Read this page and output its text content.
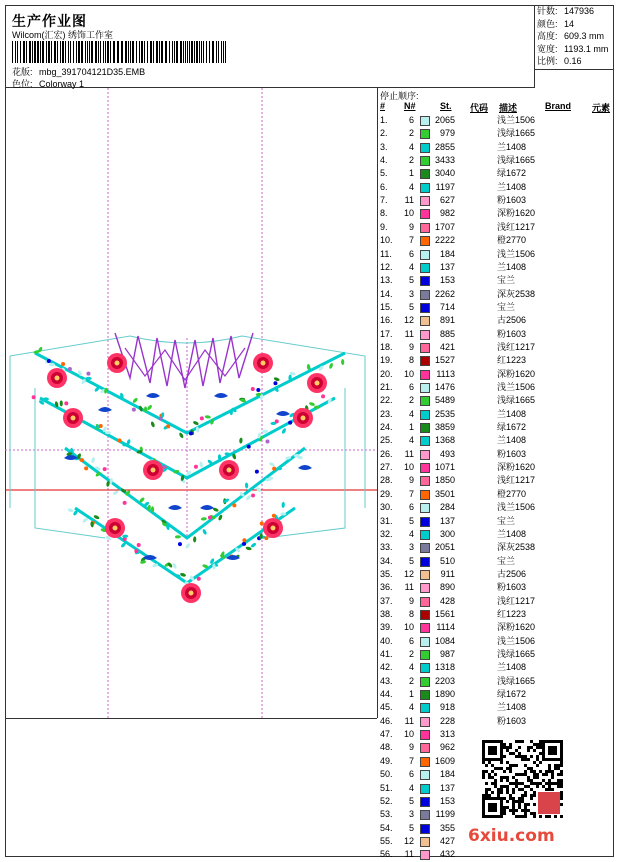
生产作业图
Wilcom(汇宏) 绣饰工作室
花版: mbg_391704121D35.EMB
色位: Colorway 1
针数: 147936
颜色: 14
高度: 609.3 mm
宽度: 1193.1 mm
比例: 0.16
停止顺序:
# N#	St. 代码 描述	Brand 元素
1.	6	2065	浅兰1506
2.	2	979	浅绿1665
3.	4	2855	兰1408
4.	2	3433	浅绿1665
5.	1	3040	绿1672
6.	4	1197	兰1408
7.	11	627	粉1603
8.	10	982	深粉1620
9.	9	1707	浅红1217
10.	7	2222	橙2770
11.	6	184	浅兰1506
12.	4	137	兰1408
13.	5	153	宝兰
14.	3	2262	深灰2538
15.	5	714	宝兰
16.	12	891	古2506
17.	11	885	粉1603
18.	9	421	浅红1217
19.	8	1527	红1223
20.	10	1113	深粉1620
21.	6	1476	浅兰1506
22.	2	5489	浅绿1665
23.	4	2535	兰1408
24.	1	3859	绿1672
25.	4	1368	兰1408
26.	11	493	粉1603
27.	10	1071	深粉1620
28.	9	1850	浅红1217
29.	7	3501	橙2770
30.	6	284	浅兰1506
31.	5	137	宝兰
32.	4	300	兰1408
33.	3	2051	深灰2538
34.	5	510	宝兰
35.	12	911	古2506
36.	11	890	粉1603
37.	9	428	浅红1217
38.	8	1561	红1223
39.	10	1114	深粉1620
40.	6	1084	浅兰1506
41.	2	987	浅绿1665
42.	4	1318	兰1408
43.	2	2203	浅绿1665
44.	1	1890	绿1672
45.	4	918	兰1408
46.	11	228	粉1603
47.	10	313
48.	9	962
49.	7	1609
50.	6	184
51.	4	137
52.	5	153
53.	3	1199
54.	5	355
55.	12	427
56.	11	432
6xiu.com
